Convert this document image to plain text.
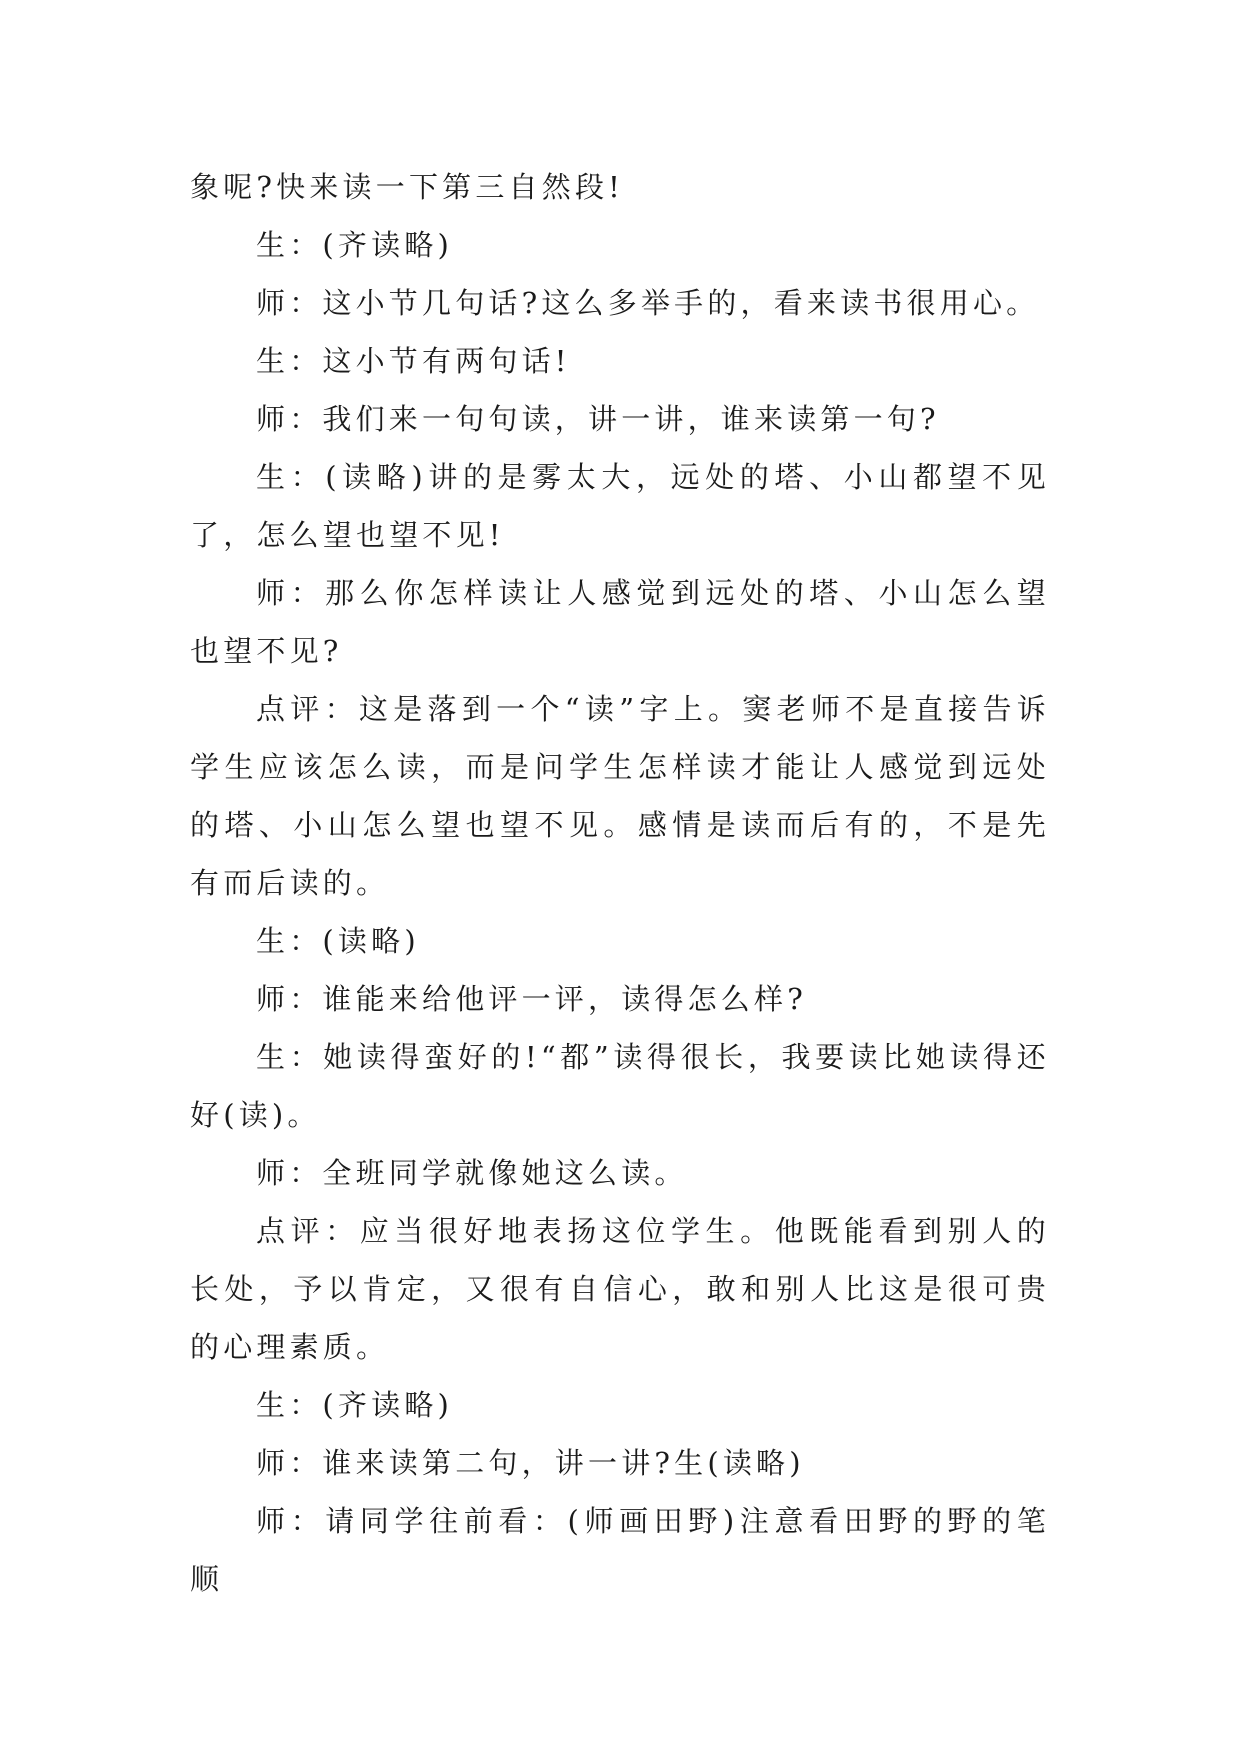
象呢?快来读一下第三自然段!

生：(齐读略)

师：这小节几句话?这么多举手的，看来读书很用心。

生：这小节有两句话!

师：我们来一句句读，讲一讲，谁来读第一句?

生：(读略)讲的是雾太大，远处的塔、小山都望不见了，怎么望也望不见!

师：那么你怎样读让人感觉到远处的塔、小山怎么望也望不见?

点评：这是落到一个“读”字上。窦老师不是直接告诉学生应该怎么读，而是问学生怎样读才能让人感觉到远处的塔、小山怎么望也望不见。感情是读而后有的，不是先有而后读的。

生：(读略)

师：谁能来给他评一评，读得怎么样?

生：她读得蛮好的!“都”读得很长，我要读比她读得还好(读)。

师：全班同学就像她这么读。

点评：应当很好地表扬这位学生。他既能看到别人的长处，予以肯定，又很有自信心，敢和别人比这是很可贵的心理素质。

生：(齐读略)

师：谁来读第二句，讲一讲?生(读略)

师：请同学往前看：(师画田野)注意看田野的野的笔顺
